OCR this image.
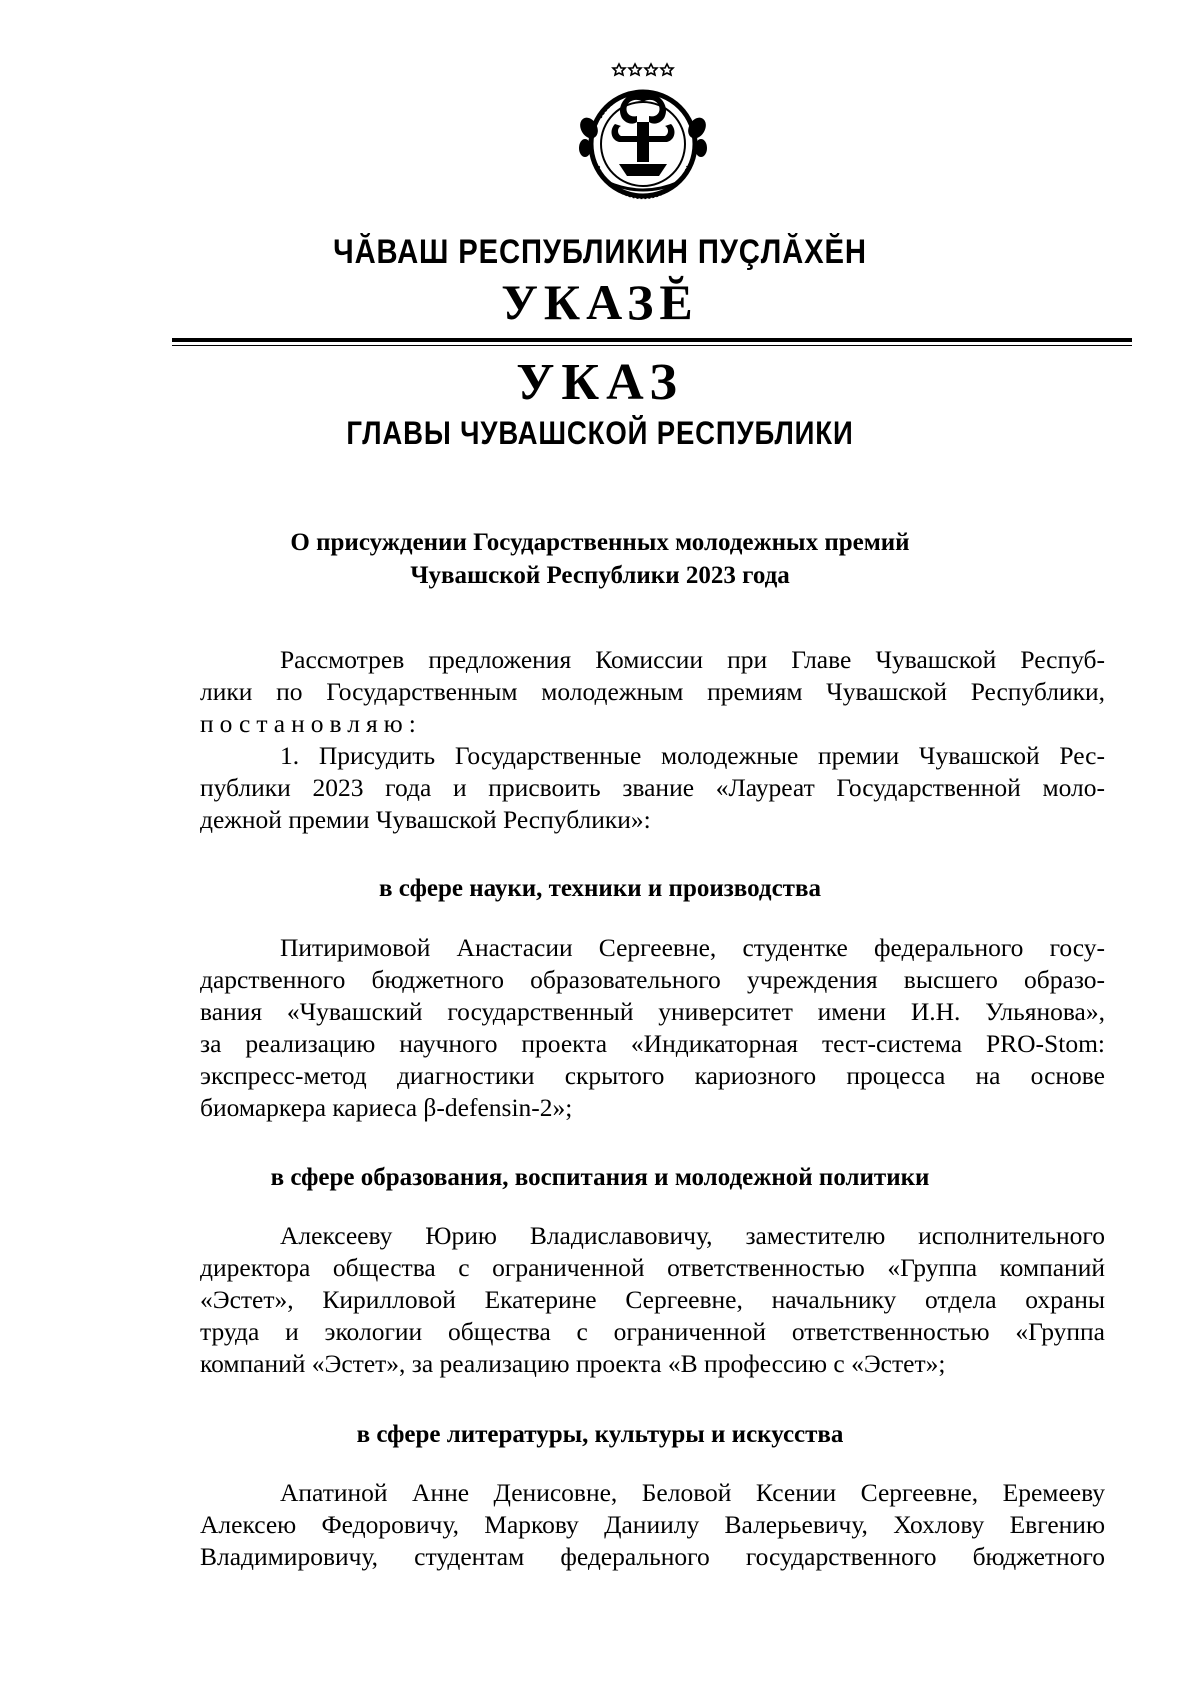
ЧĂВАШ РЕСПУБЛИКИН ПУÇЛĂХĔН
УКАЗĔ
УКАЗ
ГЛАВЫ ЧУВАШСКОЙ РЕСПУБЛИКИ
О присуждении Государственных молодежных премий
Чувашской Республики 2023 года
Рассмотрев предложения Комиссии при Главе Чувашской Респуб-
лики по Государственным молодежным премиям Чувашской Республики,
постановляю:
1. Присудить Государственные молодежные премии Чувашской Рес-
публики 2023 года и присвоить звание «Лауреат Государственной моло-
дежной премии Чувашской Республики»:
в сфере науки, техники и производства
Питиримовой Анастасии Сергеевне, студентке федерального госу-
дарственного бюджетного образовательного учреждения высшего образо-
вания «Чувашский государственный университет имени И.Н. Ульянова»,
за реализацию научного проекта «Индикаторная тест-система PRO-Stom:
экспресс-метод диагностики скрытого кариозного процесса на основе
биомаркера кариеса β-defensin-2»;
в сфере образования, воспитания и молодежной политики
Алексееву Юрию Владиславовичу, заместителю исполнительного
директора общества с ограниченной ответственностью «Группа компаний
«Эстет», Кирилловой Екатерине Сергеевне, начальнику отдела охраны
труда и экологии общества с ограниченной ответственностью «Группа
компаний «Эстет», за реализацию проекта «В профессию с «Эстет»;
в сфере литературы, культуры и искусства
Апатиной Анне Денисовне, Беловой Ксении Сергеевне, Еремееву
Алексею Федоровичу, Маркову Даниилу Валерьевичу, Хохлову Евгению
Владимировичу, студентам федерального государственного бюджетного
